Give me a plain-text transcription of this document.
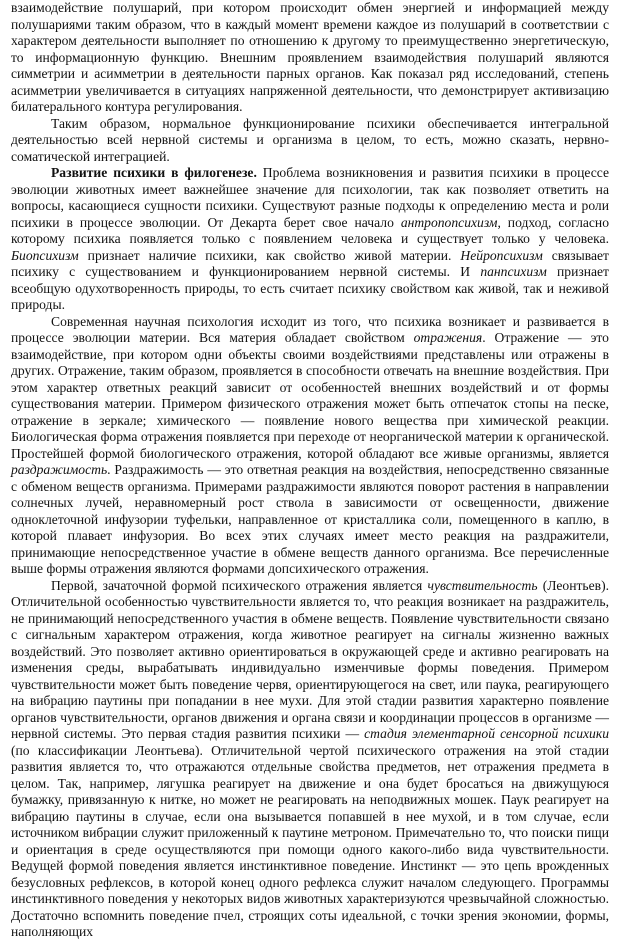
взаимодействие полушарий, при котором происходит обмен энергией и информацией между полушариями таким образом, что в каждый момент времени каждое из полушарий в соответствии с характером деятельности выполняет по отношению к другому то преимущественно энергетическую, то информационную функцию. Внешним проявлением взаимодействия полушарий являются симметрии и асимметрии в деятельности парных органов. Как показал ряд исследований, степень асимметрии увеличивается в ситуациях напряженной деятельности, что демонстрирует активизацию билатерального контура регулирования.

Таким образом, нормальное функционирование психики обеспечивается интегральной деятельностью всей нервной системы и организма в целом, то есть, можно сказать, нервно-соматической интеграцией.

Развитие психики в филогенезе. Проблема возникновения и развития психики в процессе эволюции животных имеет важнейшее значение для психологии, так как позволяет ответить на вопросы, касающиеся сущности психики. Существуют разные подходы к определению места и роли психики в процессе эволюции. От Декарта берет свое начало антропопсихизм, подход, согласно которому психика появляется только с появлением человека и существует только у человека. Биопсихизм признает наличие психики, как свойство живой материи. Нейропсихизм связывает психику с существованием и функционированием нервной системы. И панпсихизм признает всеобщую одухотворенность природы, то есть считает психику свойством как живой, так и неживой природы.

Современная научная психология исходит из того, что психика возникает и развивается в процессе эволюции материи. Вся материя обладает свойством отражения. Отражение — это взаимодействие, при котором одни объекты своими воздействиями представлены или отражены в других. Отражение, таким образом, проявляется в способности отвечать на внешние воздействия. При этом характер ответных реакций зависит от особенностей внешних воздействий и от формы существования материи. Примером физического отражения может быть отпечаток стопы на песке, отражение в зеркале; химического — появление нового вещества при химической реакции. Биологическая форма отражения появляется при переходе от неорганической материи к органической. Простейшей формой биологического отражения, которой обладают все живые организмы, является раздражимость. Раздражимость — это ответная реакция на воздействия, непосредственно связанные с обменом веществ организма. Примерами раздражимости являются поворот растения в направлении солнечных лучей, неравномерный рост ствола в зависимости от освещенности, движение одноклеточной инфузории туфельки, направленное от кристаллика соли, помещенного в каплю, в которой плавает инфузория. Во всех этих случаях имеет место реакция на раздражители, принимающие непосредственное участие в обмене веществ данного организма. Все перечисленные выше формы отражения являются формами допсихического отражения.

Первой, зачаточной формой психического отражения является чувствительность (Леонтьев). Отличительной особенностью чувствительности является то, что реакция возникает на раздражитель, не принимающий непосредственного участия в обмене веществ. Появление чувствительности связано с сигнальным характером отражения, когда животное реагирует на сигналы жизненно важных воздействий. Это позволяет активно ориентироваться в окружающей среде и активно реагировать на изменения среды, вырабатывать индивидуально изменчивые формы поведения. Примером чувствительности может быть поведение червя, ориентирующегося на свет, или паука, реагирующего на вибрацию паутины при попадании в нее мухи. Для этой стадии развития характерно появление органов чувствительности, органов движения и органа связи и координации процессов в организме — нервной системы. Это первая стадия развития психики — стадия элементарной сенсорной психики (по классификации Леонтьева). Отличительной чертой психического отражения на этой стадии развития является то, что отражаются отдельные свойства предметов, нет отражения предмета в целом. Так, например, лягушка реагирует на движение и она будет бросаться на движущуюся бумажку, привязанную к нитке, но может не реагировать на неподвижных мошек. Паук реагирует на вибрацию паутины в случае, если она вызывается попавшей в нее мухой, и в том случае, если источником вибрации служит приложенный к паутине метроном. Примечательно то, что поиски пищи и ориентация в среде осуществляются при помощи одного какого-либо вида чувствительности. Ведущей формой поведения является инстинктивное поведение. Инстинкт — это цепь врожденных безусловных рефлексов, в которой конец одного рефлекса служит началом следующего. Программы инстинктивного поведения у некоторых видов животных характеризуются чрезвычайной сложностью. Достаточно вспомнить поведение пчел, строящих соты идеальной, с точки зрения экономии, формы, наполняющих
